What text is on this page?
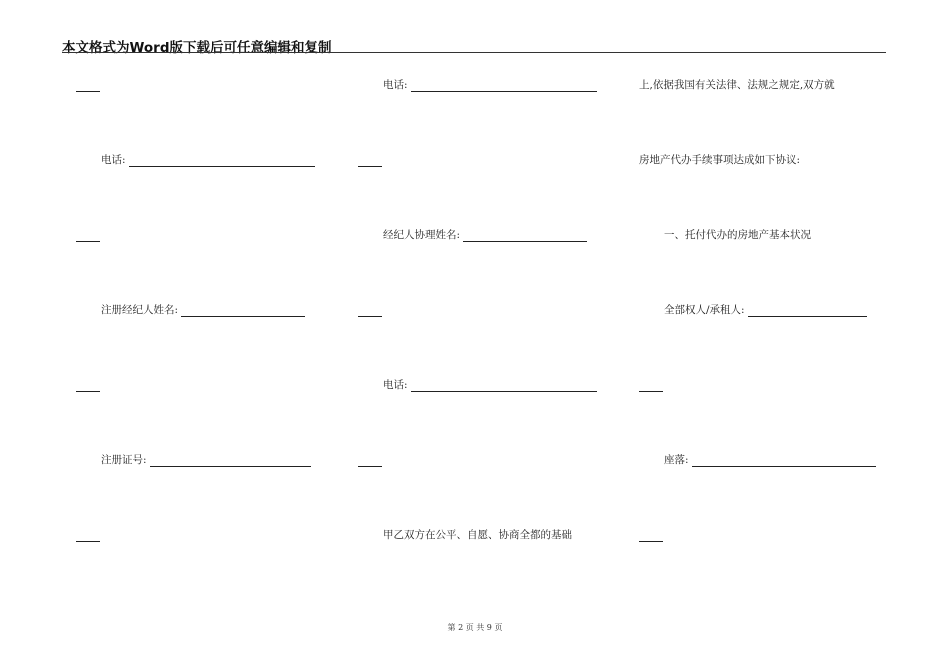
本文格式为Word版下载后可任意编辑和复制
电话:
注册经纪人姓名:
注册证号:
电话:
经纪人协理姓名:
电话:
甲乙双方在公平、自愿、协商全都的基础
上,依据我国有关法律、法规之规定,双方就
房地产代办手续事项达成如下协议:
一、托付代办的房地产基本状况
全部权人/承租人:
座落:
第 2 页 共 9 页
